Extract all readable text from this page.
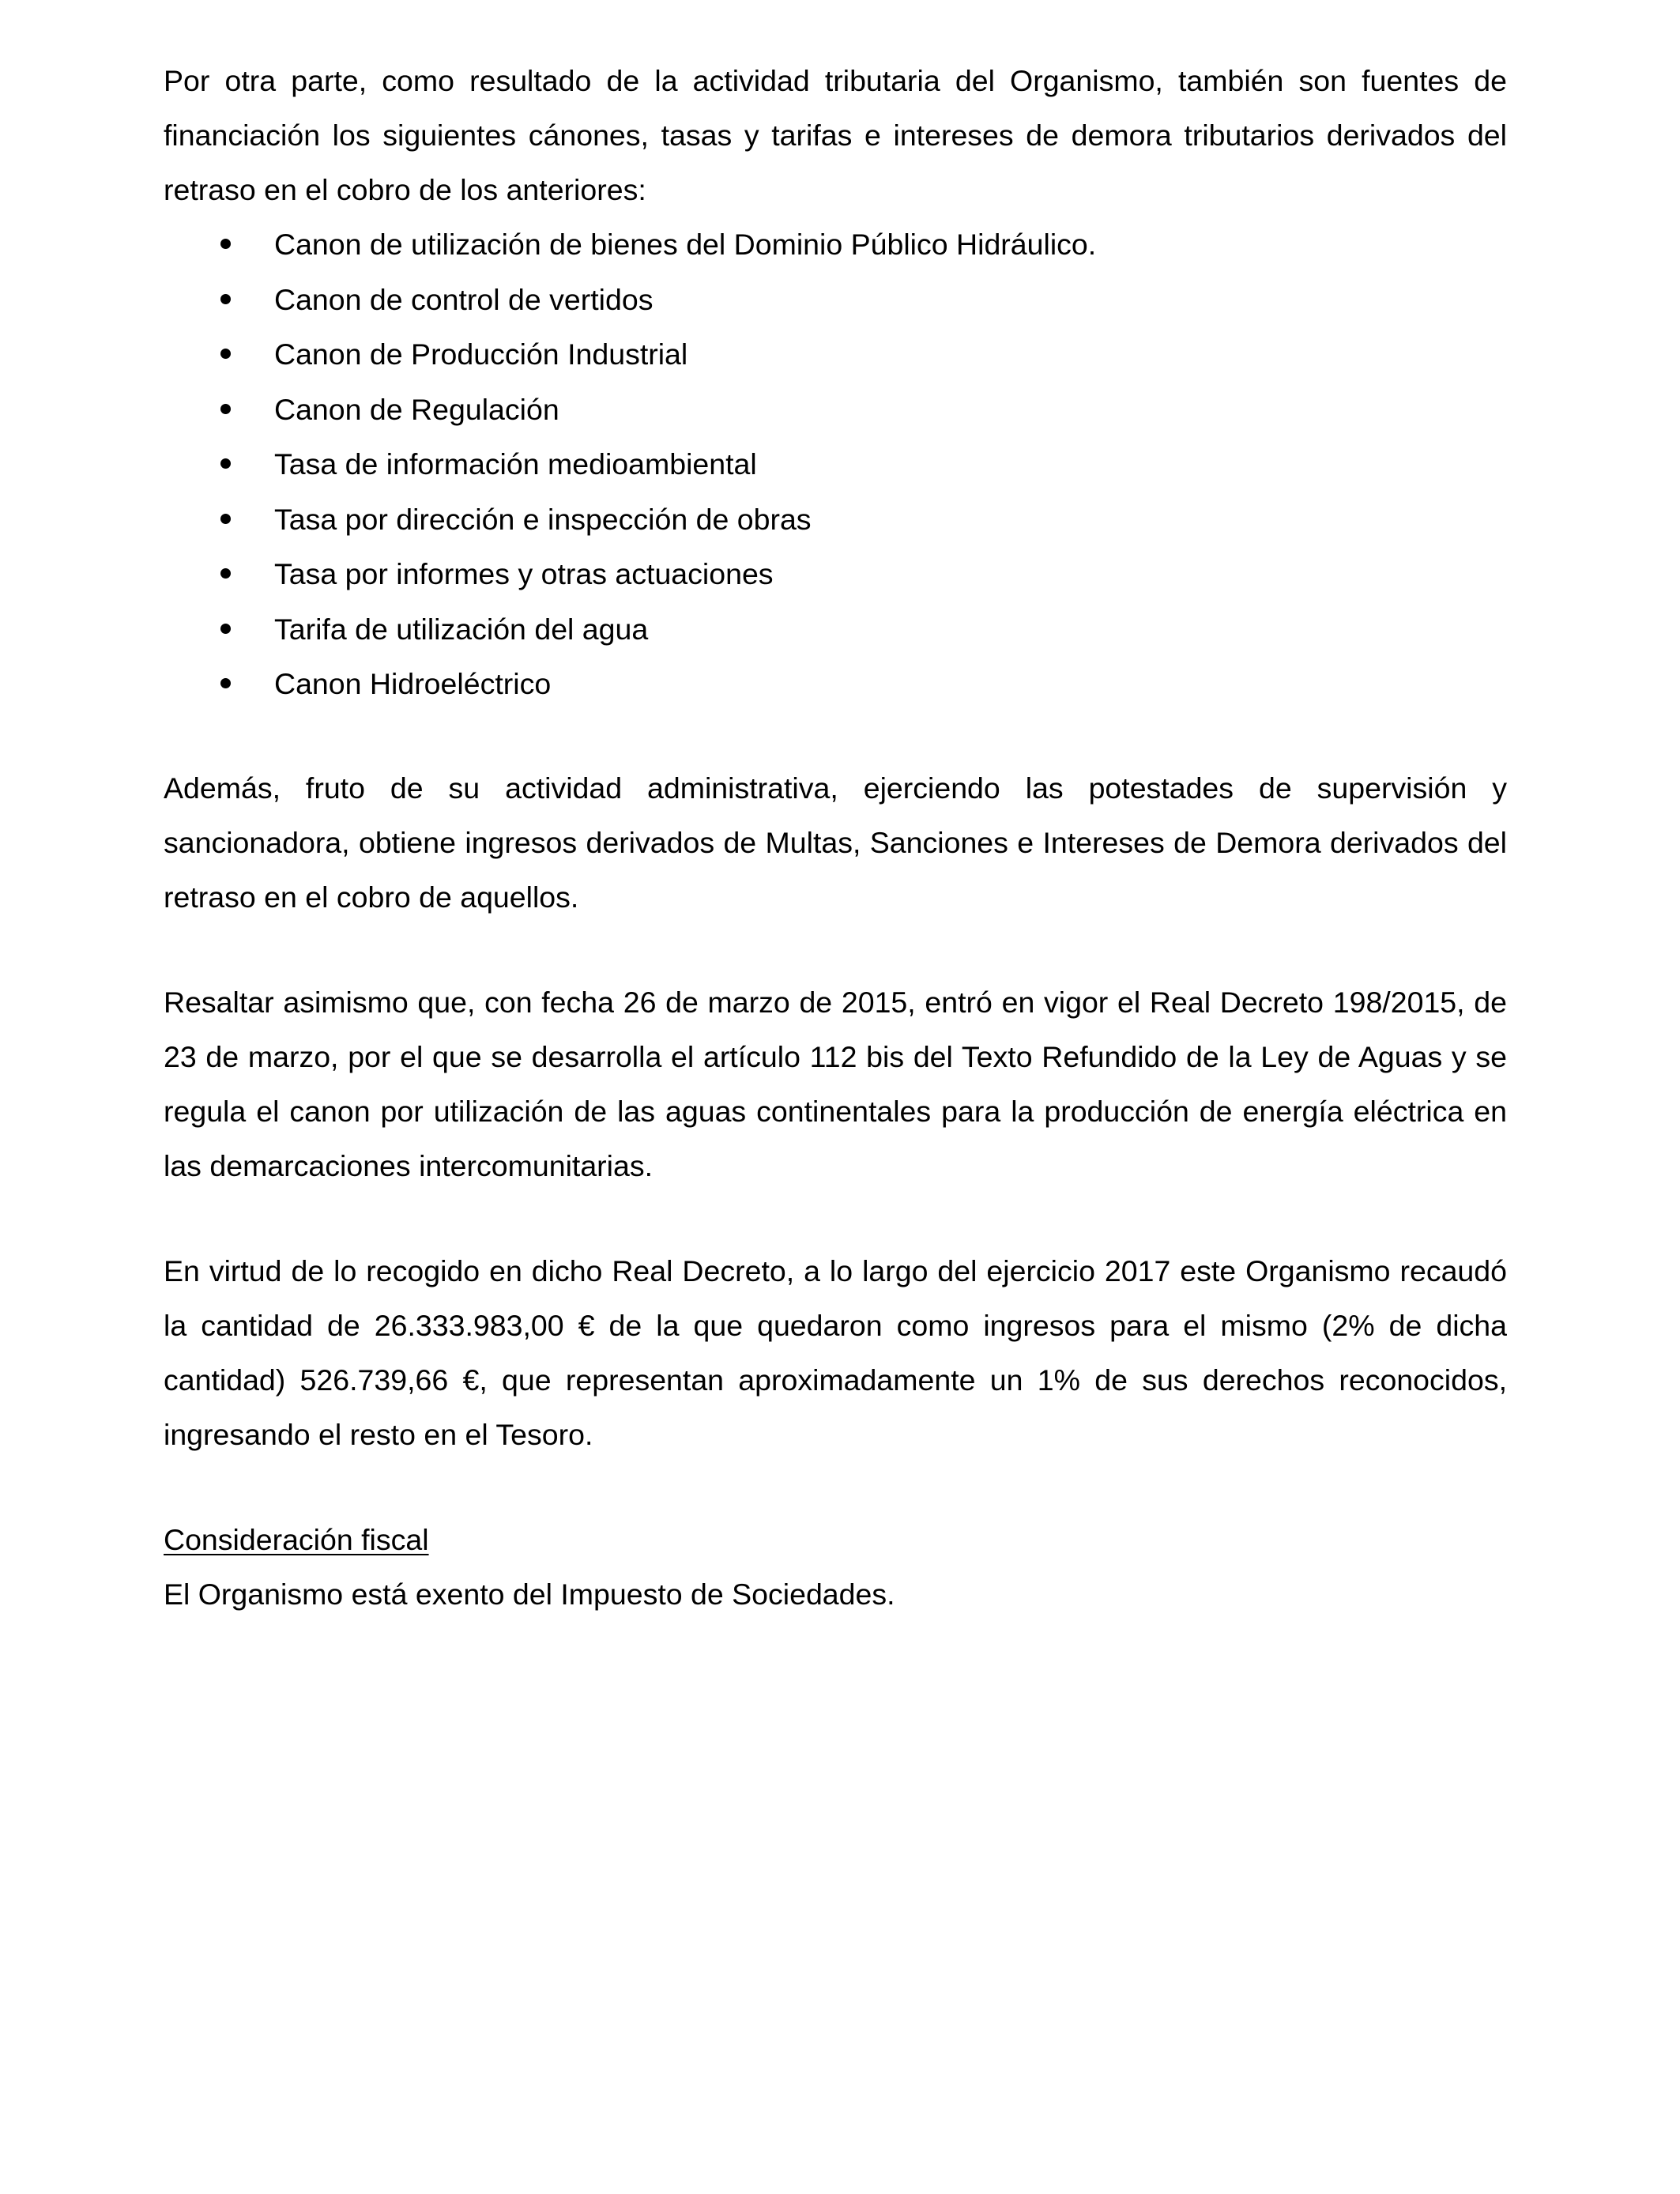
Por otra parte, como resultado de la actividad tributaria del Organismo, también son fuentes de financiación los siguientes cánones, tasas y tarifas e intereses de demora tributarios derivados del retraso en el cobro de los anteriores:

Canon de utilización de bienes del Dominio Público Hidráulico.
Canon de control de vertidos
Canon de Producción Industrial
Canon de Regulación
Tasa de información medioambiental
Tasa por dirección e inspección de obras
Tasa por informes y otras actuaciones
Tarifa de utilización del agua
Canon Hidroeléctrico

Además, fruto de su actividad administrativa, ejerciendo las potestades de supervisión y sancionadora, obtiene ingresos derivados de Multas, Sanciones e Intereses de Demora derivados del retraso en el cobro de aquellos.

Resaltar asimismo que, con fecha 26 de marzo de 2015, entró en vigor el Real Decreto 198/2015, de 23 de marzo, por el que se desarrolla el artículo 112 bis del Texto Refundido de la Ley de Aguas y se regula el canon por utilización de las aguas continentales para la producción de energía eléctrica en las demarcaciones intercomunitarias.

En virtud de lo recogido en dicho Real Decreto, a lo largo del ejercicio 2017 este Organismo recaudó la cantidad de 26.333.983,00 € de la que quedaron como ingresos para el mismo (2% de dicha cantidad) 526.739,66 €, que representan aproximadamente un 1% de sus derechos reconocidos, ingresando el resto en el Tesoro.

Consideración fiscal

El Organismo está exento del Impuesto de Sociedades.
